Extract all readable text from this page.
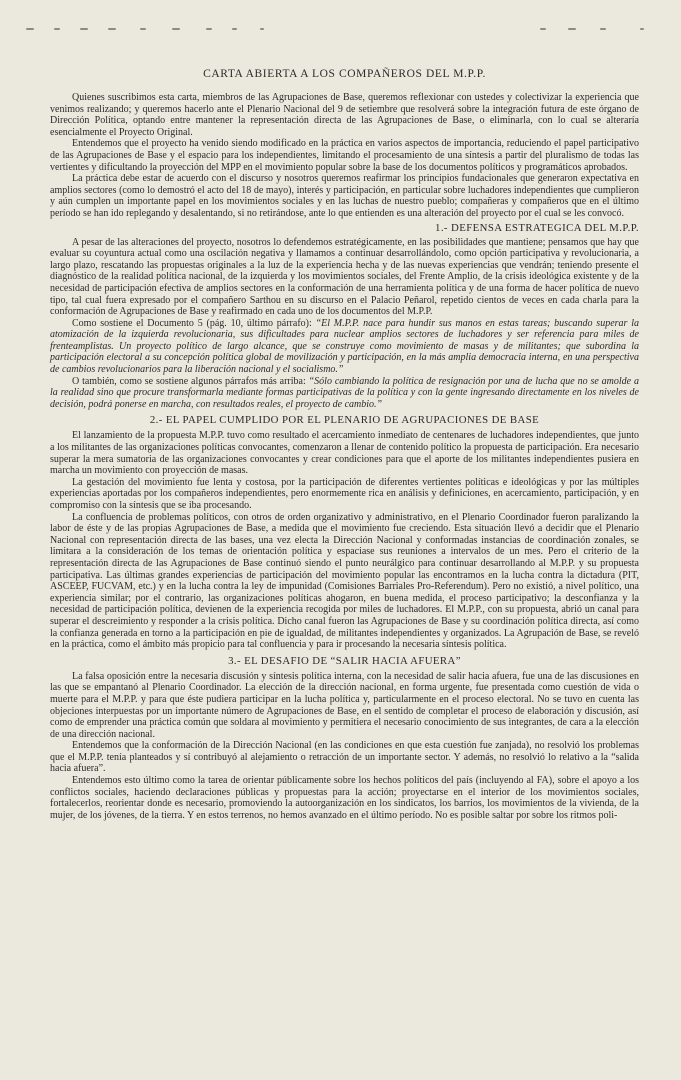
CARTA ABIERTA A LOS COMPAÑEROS DEL M.P.P.

Quienes suscribimos esta carta, miembros de las Agrupaciones de Base, queremos reflexionar con ustedes y colectivizar la experiencia que venimos realizando; y queremos hacerlo ante el Plenario Nacional del 9 de setiembre que resolverá sobre la integración futura de este órgano de Dirección Política, optando entre mantener la representación directa de las Agrupaciones de Base, o eliminarla, con lo cual se alteraría esencialmente el Proyecto Original.

Entendemos que el proyecto ha venido siendo modificado en la práctica en varios aspectos de importancia, reduciendo el papel participativo de las Agrupaciones de Base y el espacio para los independientes, limitando el procesamiento de una síntesis a partir del pluralismo de todas las vertientes y dificultando la proyección del MPP en el movimiento popular sobre la base de los documentos políticos y programáticos aprobados.

La práctica debe estar de acuerdo con el discurso y nosotros queremos reafirmar los principios fundacionales que generaron expectativa en amplios sectores (como lo demostró el acto del 18 de mayo), interés y participación, en particular sobre luchadores independientes que cumplieron y aún cumplen un importante papel en los movimientos sociales y en las luchas de nuestro pueblo; compañeras y compañeros que en el último período se han ido replegando y desalentando, si no retirándose, ante lo que entienden es una alteración del proyecto por el cual se les convocó.

1.- DEFENSA ESTRATEGICA DEL M.P.P.

A pesar de las alteraciones del proyecto, nosotros lo defendemos estratégicamente, en las posibilidades que mantiene; pensamos que hay que evaluar su coyuntura actual como una oscilación negativa y llamamos a continuar desarrollándolo, como opción participativa y revolucionaria, a largo plazo, rescatando las propuestas originales a la luz de la experiencia hecha y de las nuevas experiencias que vendrán; teniendo presente el diagnóstico de la realidad política nacional, de la izquierda y los movimientos sociales, del Frente Amplio, de la crisis ideológica existente y de la necesidad de participación efectiva de amplios sectores en la conformación de una herramienta política y de una forma de hacer política de nuevo tipo, tal cual fuera expresado por el compañero Sarthou en su discurso en el Palacio Peñarol, repetido cientos de veces en cada charla para la conformación de Agrupaciones de Base y reafirmado en cada uno de los documentos del M.P.P.

Como sostiene el Documento 5 (pág. 10, último párrafo): “El M.P.P. nace para hundir sus manos en estas tareas; buscando superar la atomización de la izquierda revolucionaria, sus dificultades para nuclear amplios sectores de luchadores y ser referencia para miles de frenteamplistas. Un proyecto político de largo alcance, que se construye como movimiento de masas y de militantes; que subordina la participación electoral a su concepción política global de movilización y participación, en la más amplia democracia interna, en una perspectiva de cambios revolucionarios para la liberación nacional y el socialismo.”

O también, como se sostiene algunos párrafos más arriba: “Sólo cambiando la política de resignación por una de lucha que no se amolde a la realidad sino que procure transformarla mediante formas participativas de la política y con la gente ingresando directamente en los niveles de decisión, podrá ponerse en marcha, con resultados reales, el proyecto de cambio.”

2.- EL PAPEL CUMPLIDO POR EL PLENARIO DE AGRUPACIONES DE BASE

El lanzamiento de la propuesta M.P.P. tuvo como resultado el acercamiento inmediato de centenares de luchadores independientes, que junto a los militantes de las organizaciones políticas convocantes, comenzaron a llenar de contenido político la propuesta de participación. Era necesario superar la mera sumatoria de las organizaciones convocantes y crear condiciones para que el aporte de los militantes independientes pusiera en marcha un movimiento con proyección de masas.

La gestación del movimiento fue lenta y costosa, por la participación de diferentes vertientes políticas e ideológicas y por las múltiples experiencias aportadas por los compañeros independientes, pero enormemente rica en análisis y definiciones, en acercamiento, participación, y en compromiso con la síntesis que se iba procesando.

La confluencia de problemas políticos, con otros de orden organizativo y administrativo, en el Plenario Coordinador fueron paralizando la labor de éste y de las propias Agrupaciones de Base, a medida que el movimiento fue creciendo. Esta situación llevó a decidir que el Plenario Nacional con representación directa de las bases, una vez electa la Dirección Nacional y conformadas instancias de coordinación zonales, se limitara a la consideración de los temas de orientación política y espaciase sus reuniones a intervalos de un mes. Pero el criterio de la representación directa de las Agrupaciones de Base continuó siendo el punto neurálgico para continuar desarrollando al M.P.P. y su propuesta participativa. Las últimas grandes experiencias de participación del movimiento popular las encontramos en la lucha contra la dictadura (PIT, ASCEEP, FUCVAM, etc.) y en la lucha contra la ley de impunidad (Comisiones Barriales Pro-Referendum). Pero no existió, a nivel político, una experiencia similar; por el contrario, las organizaciones políticas ahogaron, en buena medida, el proceso participativo; la desconfianza y la necesidad de participación política, devienen de la experiencia recogida por miles de luchadores. El M.P.P., con su propuesta, abrió un canal para superar el descreimiento y responder a la crisis política. Dicho canal fueron las Agrupaciones de Base y su coordinación política directa, así como la confianza generada en torno a la participación en pie de igualdad, de militantes independientes y organizados. La Agrupación de Base, se reveló en la práctica, como el ámbito más propicio para tal confluencia y para ir procesando la necesaria síntesis política.

3.- EL DESAFIO DE “SALIR HACIA AFUERA”

La falsa oposición entre la necesaria discusión y síntesis política interna, con la necesidad de salir hacia afuera, fue una de las discusiones en las que se empantanó al Plenario Coordinador. La elección de la dirección nacional, en forma urgente, fue presentada como cuestión de vida o muerte para el M.P.P. y para que éste pudiera participar en la lucha política y, particularmente en el proceso electoral. No se tuvo en cuenta las objeciones interpuestas por un importante número de Agrupaciones de Base, en el sentido de completar el proceso de elaboración y discusión, así como de emprender una práctica común que soldara al movimiento y permitiera el necesario conocimiento de sus integrantes, de cara a la elección de una dirección nacional.

Entendemos que la conformación de la Dirección Nacional (en las condiciones en que esta cuestión fue zanjada), no resolvió los problemas que el M.P.P. tenía planteados y sí contribuyó al alejamiento o retracción de un importante sector. Y además, no resolvió lo relativo a la “salida hacia afuera”.

Entendemos esto último como la tarea de orientar públicamente sobre los hechos políticos del país (incluyendo al FA), sobre el apoyo a los conflictos sociales, haciendo declaraciones públicas y propuestas para la acción; proyectarse en el interior de los movimientos sociales, fortalecerlos, reorientar donde es necesario, promoviendo la autoorganización en los sindicatos, los barrios, los movimientos de la vivienda, de la mujer, de los jóvenes, de la tierra. Y en estos terrenos, no hemos avanzado en el último período. No es posible saltar por sobre los ritmos poli-
